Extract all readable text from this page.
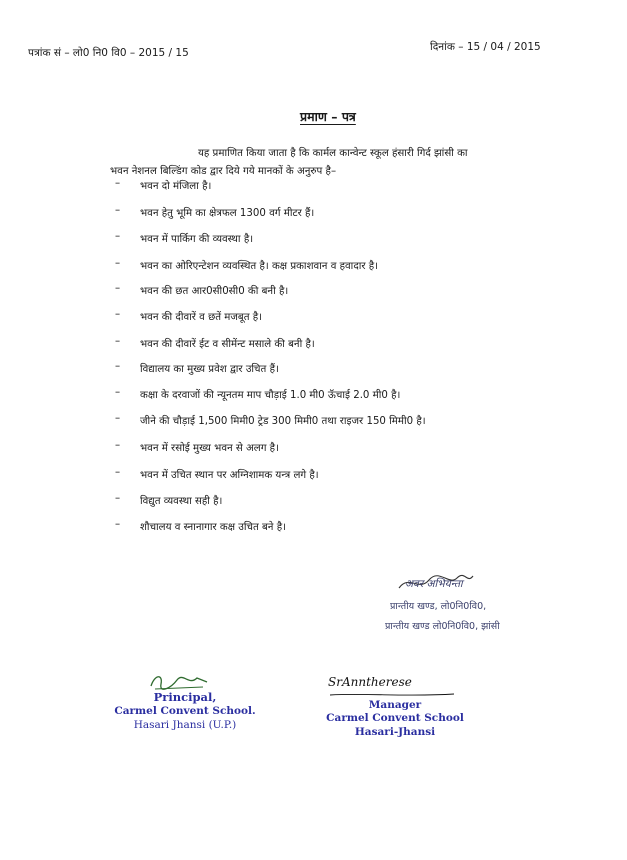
पत्रांक सं – लो0 नि0 वि0 – 2015 / 15	दिनांक – 15 / 04 / 2015
प्रमाण – पत्र
यह प्रमाणित किया जाता है कि कार्मल कान्वेन्ट स्कूल हंसारी गिर्द झांसी का
भवन नेशनल बिल्डिंग कोड द्वार दिये गये मानकों के अनुरुप है–
– भवन दो मंजिला है।
– भवन हेतु भूमि का क्षेत्रफल 1300 वर्ग मीटर हैं।
– भवन में पार्किग की व्यवस्था है।
– भवन का ओरिएन्टेशन व्यवस्थित है। कक्ष प्रकाशवान व हवादार है।
– भवन की छत आर0सी0सी0 की बनी है।
– भवन की दीवारें व छतें मजबूत है।
– भवन की दीवारें ईट व सीमेंन्ट मसाले की बनी है।
– विद्यालय का मुख्य प्रवेश द्वार उचित हैं।
– कक्षा के दरवाजों की न्यूनतम माप चौड़ाई 1.0 मी0 ऊॅचाई 2.0 मी0 है।
– जीने की चौड़ाई 1,500 मिमी0 ट्रेड 300 मिमी0 तथा राइजर 150 मिमी0 है।
– भवन में रसोई मुख्य भवन से अलग है।
– भवन में उचित स्थान पर अग्निशामक यन्त्र लगे है।
– विद्युत व्यवस्था सही है।
– शौचालय व स्नानागार कक्ष उचित बने है।
अवर अभियन्ता
प्रान्तीय खण्ड, लो0नि0वि0,
प्रान्तीय खण्ड लो0नि0वि0, झांसी
Principal,
Carmel Convent School.
Hasari Jhansi (U.P.)
SrAnntherese
Manager
Carmel Convent School
Hasari-Jhansi
